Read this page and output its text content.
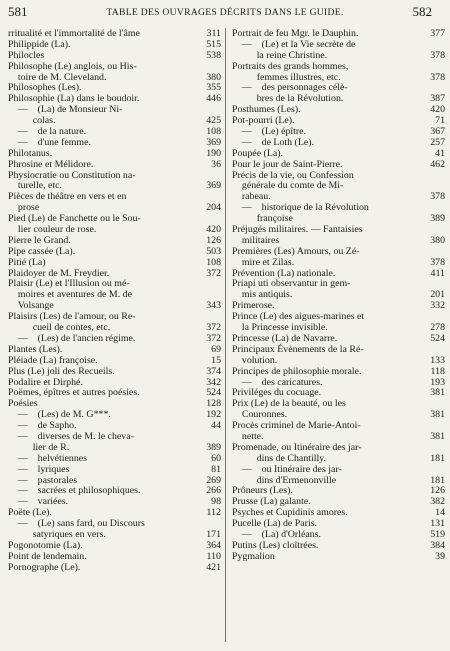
581	TABLE DES OUVRAGES DÉCRITS DANS LE GUIDE.	582
rritualité et l'immortalité de l'âme	311
Philippide (La).	515
Philocles	538
Philosophe (Le) anglois, ou His-
toire de M. Cleveland.	380
Philosophes (Les).	355
Philosophie (La) dans le boudoir.	446
—    (La) de Monsieur Ni-
colas.	425
—    de la nature.	108
—    d'une femme.	369
Philotanus.	190
Phrosine et Mélidore.	36
Physiocratie ou Constitution na-
turelle, etc.	369
Pièces de théâtre en vers et en
prose	204
Pied (Le) de Fanchette ou le Sou-
lier couleur de rose.	420
Pierre le Grand.	126
Pipe cassée (La).	503
Pitié (La)	108
Plaidoyer de M. Freydier.	372
Plaisir (Le) et l'Illusion ou mé-
moires et aventures de M. de
Volsange	343
Plaisirs (Les) de l'amour, ou Re-
cueil de contes, etc.	372
—    (Les) de l'ancien régime.	372
Plantes (Les).	69
Pléiade (La) françoise.	15
Plus (Le) joli des Recueils.	374
Podalire et Dirphé.	342
Poëmes, épîtres et autres poésies.	524
Poésies	128
—    (Les) de M. G***.	192
—    de Sapho.	44
—    diverses de M. le cheva-
lier de R.	389
—    helvétiennes	60
—    lyriques	81
—    pastorales	269
—    sacrées et philosophiques.	266
—    variées.	98
Poëte (Le).	112
—    (Le) sans fard, ou Discours
satyriques en vers.	171
Pogonotomie (La).	364
Point de lendemain.	110
Pornographe (Le).	421
Portrait de feu Mgr. le Dauphin.	377
—    (Le) et la Vie secrète de
la reine Christine.	378
Portraits des grands hommes,
femmes illustres, etc.	378
—    des personnages célè-
bres de la Révolution.	387
Posthumes (Les).	420
Pot-pourri (Le).	71
—    (Le) épître.	367
—    de Loth (Le).	257
Poupée (La).	41
Pour le jour de Saint-Pierre.	462
Précis de la vie, ou Confession
générale du comte de Mi-
rabeau.	378
—    historique de la Révolution
françoise	389
Préjugés militaires. — Fantaisies
militaires	380
Premières (Les) Amours, ou Zé-
mire et Zilas.	378
Prévention (La) nationale.	411
Priapi uti observantur in gem-
mis antiquis.	201
Primerose.	332
Prince (Le) des aigues-marines et
la Princesse invisible.	278
Princesse (La) de Navarre.	524
Principaux Évènements de la Ré-
volution.	133
Principes de philosophie morale.	118
—    des caricatures.	193
Priviléges du cocuage.	381
Prix (Le) de la beauté, ou les
Couronnes.	381
Procès criminel de Marie-Antoi-
nette.	381
Promenade, ou Itinéraire des jar-
dins de Chantilly.	181
—    ou Itinéraire des jar-
dins d'Ermenonville	181
Prôneurs (Les).	126
Prusse (La) galante.	382
Psyches et Cupidinis amores.	14
Pucelle (La) de Paris.	131
—    (La) d'Orléans.	519
Putins (Les) cloîtrées.	384
Pygmalion	39
